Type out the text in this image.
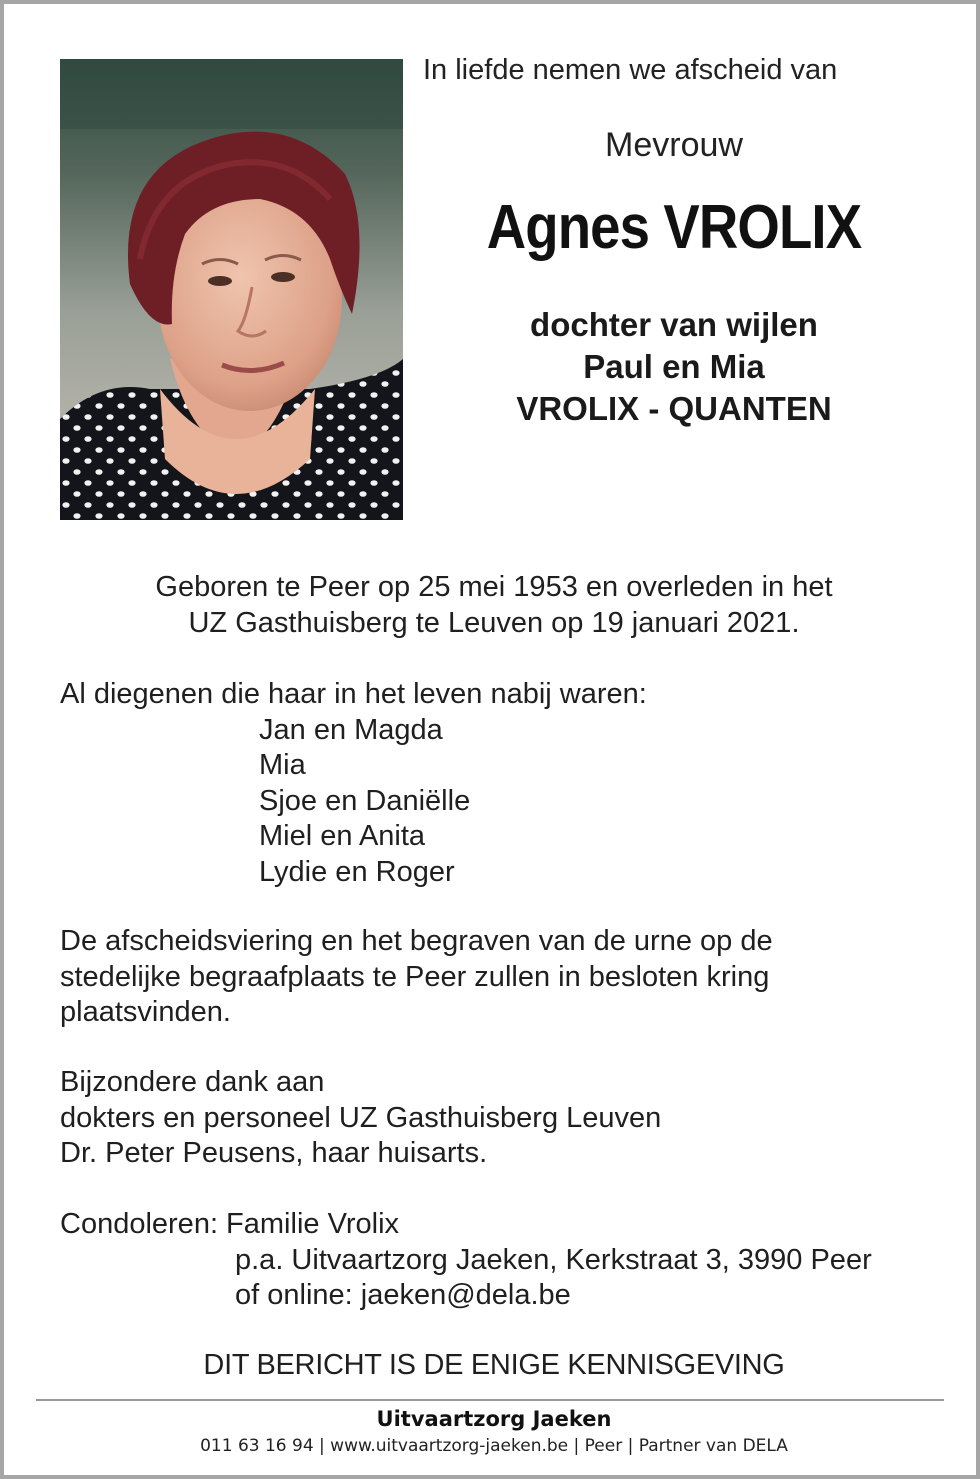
In liefde nemen we afscheid van
Mevrouw
Agnes VROLIX
dochter van wijlen
Paul en Mia
VROLIX - QUANTEN
Geboren te Peer op 25 mei 1953 en overleden in het
UZ Gasthuisberg te Leuven op 19 januari 2021.
Al diegenen die haar in het leven nabij waren:
Jan en Magda
Mia
Sjoe en Daniëlle
Miel en Anita
Lydie en Roger
De afscheidsviering en het begraven van de urne op de
stedelijke begraafplaats te Peer zullen in besloten kring
plaatsvinden.
Bijzondere dank aan
dokters en personeel UZ Gasthuisberg Leuven
Dr. Peter Peusens, haar huisarts.
Condoleren: Familie Vrolix
p.a. Uitvaartzorg Jaeken, Kerkstraat 3, 3990 Peer
of online: jaeken@dela.be
DIT BERICHT IS DE ENIGE KENNISGEVING
Uitvaartzorg Jaeken
011 63 16 94 | www.uitvaartzorg-jaeken.be | Peer | Partner van DELA
